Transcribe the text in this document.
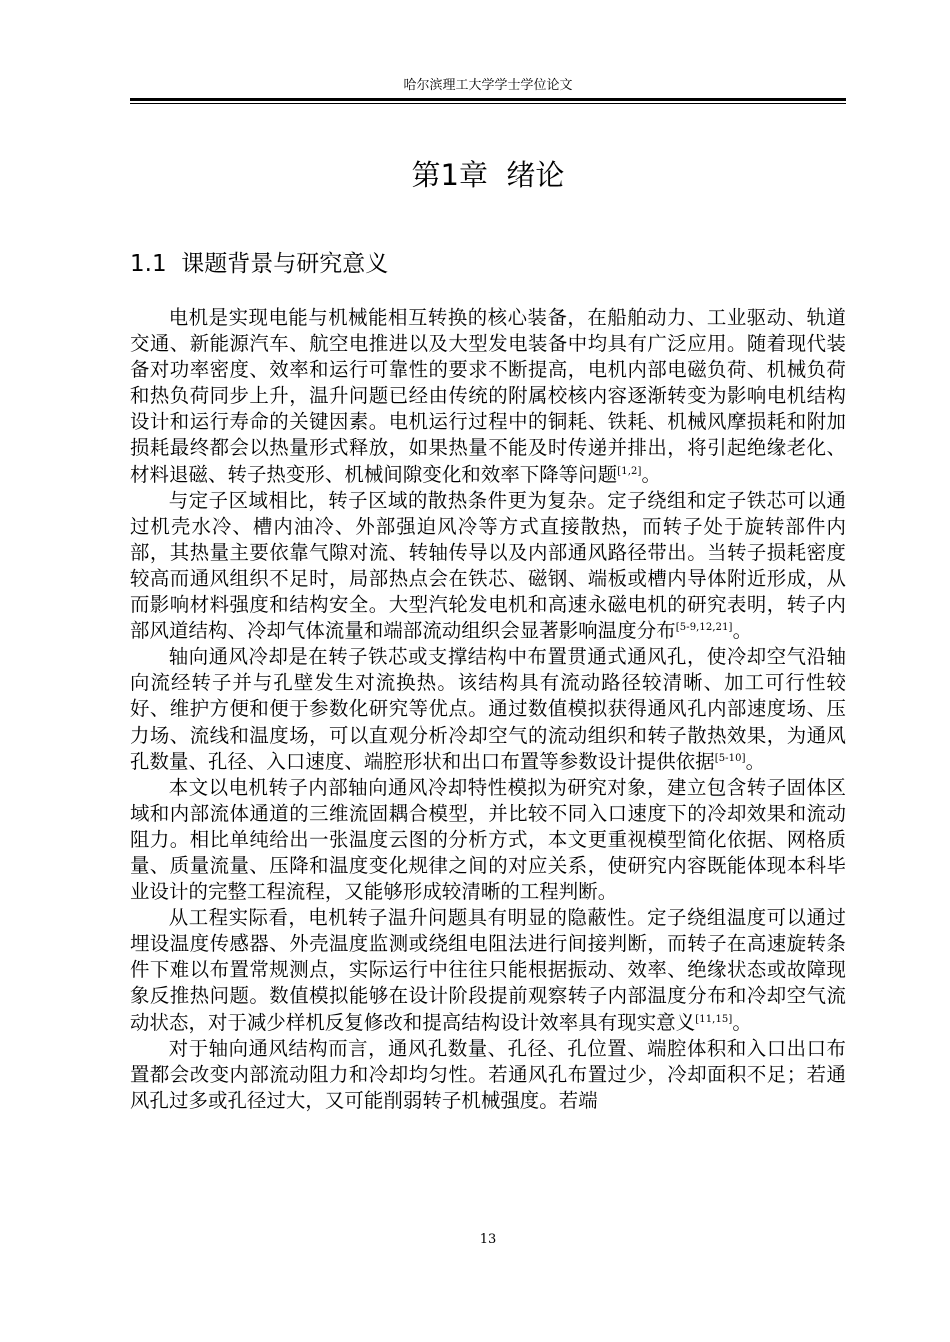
哈尔滨理工大学学士学位论文
第1章  绪论
1.1  课题背景与研究意义

电机是实现电能与机械能相互转换的核心装备，在船舶动力、工业驱动、轨道交通、新能源汽车、航空电推进以及大型发电装备中均具有广泛应用。随着现代装备对功率密度、效率和运行可靠性的要求不断提高，电机内部电磁负荷、机械负荷和热负荷同步上升，温升问题已经由传统的附属校核内容逐渐转变为影响电机结构设计和运行寿命的关键因素。电机运行过程中的铜耗、铁耗、机械风摩损耗和附加损耗最终都会以热量形式释放，如果热量不能及时传递并排出，将引起绝缘老化、材料退磁、转子热变形、机械间隙变化和效率下降等问题[1,2]。

与定子区域相比，转子区域的散热条件更为复杂。定子绕组和定子铁芯可以通过机壳水冷、槽内油冷、外部强迫风冷等方式直接散热，而转子处于旋转部件内部，其热量主要依靠气隙对流、转轴传导以及内部通风路径带出。当转子损耗密度较高而通风组织不足时，局部热点会在铁芯、磁钢、端板或槽内导体附近形成，从而影响材料强度和结构安全。大型汽轮发电机和高速永磁电机的研究表明，转子内部风道结构、冷却气体流量和端部流动组织会显著影响温度分布[5-9,12,21]。

轴向通风冷却是在转子铁芯或支撑结构中布置贯通式通风孔，使冷却空气沿轴向流经转子并与孔壁发生对流换热。该结构具有流动路径较清晰、加工可行性较好、维护方便和便于参数化研究等优点。通过数值模拟获得通风孔内部速度场、压力场、流线和温度场，可以直观分析冷却空气的流动组织和转子散热效果，为通风孔数量、孔径、入口速度、端腔形状和出口布置等参数设计提供依据[5-10]。

本文以电机转子内部轴向通风冷却特性模拟为研究对象，建立包含转子固体区域和内部流体通道的三维流固耦合模型，并比较不同入口速度下的冷却效果和流动阻力。相比单纯给出一张温度云图的分析方式，本文更重视模型简化依据、网格质量、质量流量、压降和温度变化规律之间的对应关系，使研究内容既能体现本科毕业设计的完整工程流程，又能够形成较清晰的工程判断。

从工程实际看，电机转子温升问题具有明显的隐蔽性。定子绕组温度可以通过埋设温度传感器、外壳温度监测或绕组电阻法进行间接判断，而转子在高速旋转条件下难以布置常规测点，实际运行中往往只能根据振动、效率、绝缘状态或故障现象反推热问题。数值模拟能够在设计阶段提前观察转子内部温度分布和冷却空气流动状态，对于减少样机反复修改和提高结构设计效率具有现实意义[11,15]。

对于轴向通风结构而言，通风孔数量、孔径、孔位置、端腔体积和入口出口布置都会改变内部流动阻力和冷却均匀性。若通风孔布置过少，冷却面积不足；若通风孔过多或孔径过大，又可能削弱转子机械强度。若端

13
